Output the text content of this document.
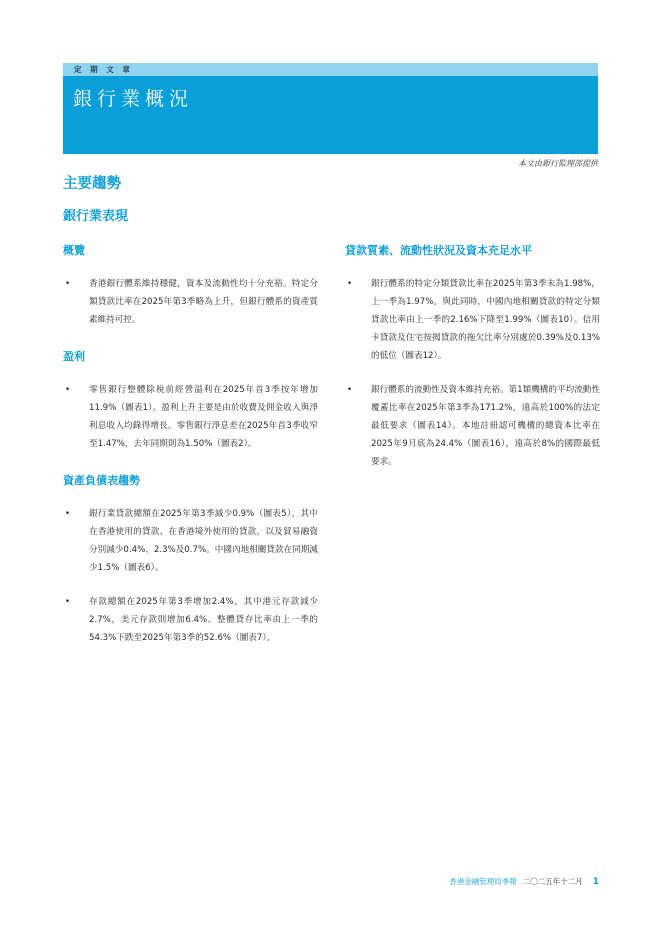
定 期 文 章
銀行業概況
本文由銀行監理部提供
主要趨勢
銀行業表現
概覽
• 香港銀行體系維持穩健，資本及流動性均十分充裕。特定分類貸款比率在2025年第3季略為上升，但銀行體系的資產質素維持可控。
盈利
• 零售銀行整體除稅前經營溢利在2025年首3季按年增加11.9%（圖表1）。盈利上升主要是由於收費及佣金收入與淨利息收入均錄得增長。零售銀行淨息差在2025年首3季收窄至1.47%，去年同期則為1.50%（圖表2）。
資產負債表趨勢
• 銀行業貸款總額在2025年第3季減少0.9%（圖表5），其中在香港使用的貸款、在香港境外使用的貸款，以及貿易融資分別減少0.4%、2.3%及0.7%。中國內地相關貸款在同期減少1.5%（圖表6）。
• 存款總額在2025年第3季增加2.4%，其中港元存款減少2.7%，美元存款則增加6.4%。整體貸存比率由上一季的54.3%下跌至2025年第3季的52.6%（圖表7）。
貸款質素、流動性狀況及資本充足水平
• 銀行體系的特定分類貸款比率在2025年第3季末為1.98%，上一季為1.97%。與此同時，中國內地相關貸款的特定分類貸款比率由上一季的2.16%下降至1.99%（圖表10）。信用卡貸款及住宅按揭貸款的拖欠比率分別處於0.39%及0.13%的低位（圖表12）。
• 銀行體系的流動性及資本維持充裕。第1類機構的平均流動性覆蓋比率在2025年第3季為171.2%，遠高於100%的法定最低要求（圖表14）。本地註冊認可機構的總資本比率在2025年9月底為24.4%（圖表16），遠高於8%的國際最低要求。
香港金融管理局季報 二〇二五年十二月 1
